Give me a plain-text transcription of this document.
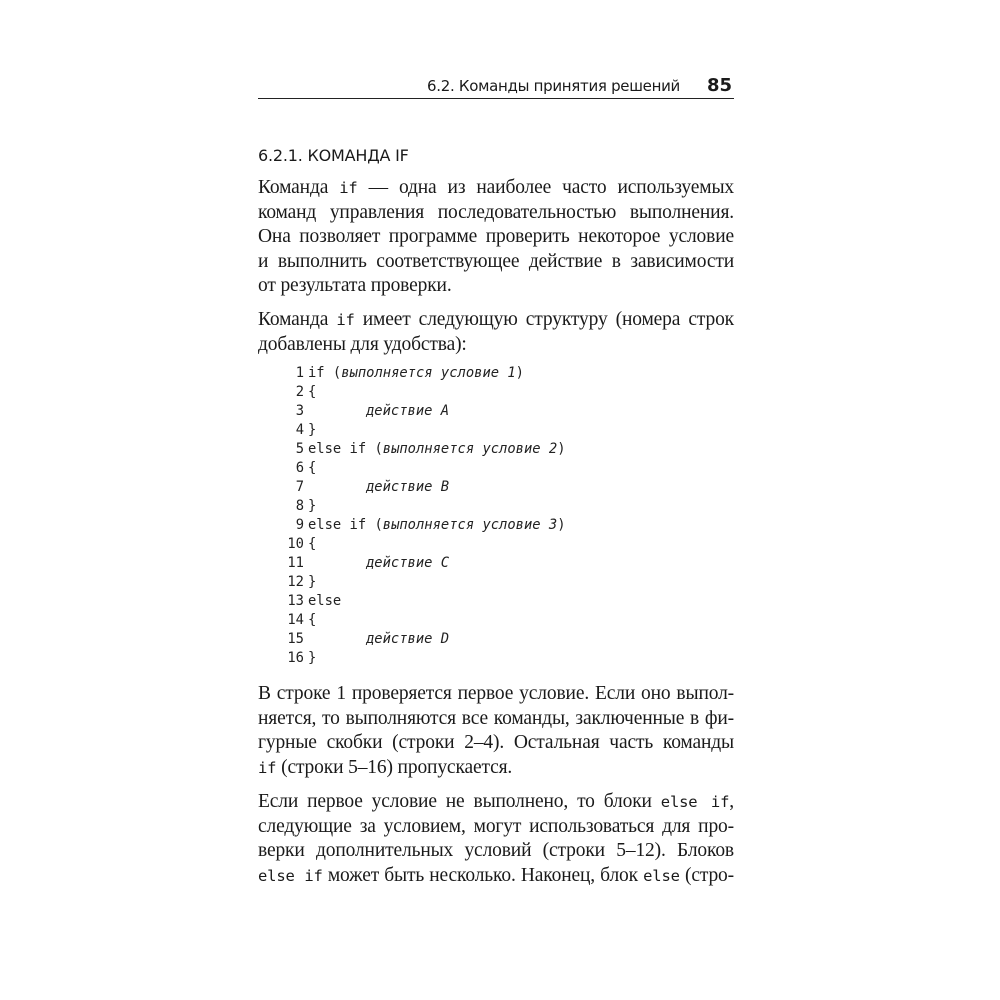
6.2. Команды принятия решений 85
6.2.1. КОМАНДА IF
Команда if — одна из наиболее часто используемых
команд управления последовательностью выполнения.
Она позволяет программе проверить некоторое условие
и выполнить соответствующее действие в зависимости
от результата проверки.
Команда if имеет следующую структуру (номера строк
добавлены для удобства):
1 if (выполняется условие 1)
2 {
3	действие A
4 }
5 else if (выполняется условие 2)
6 {
7	действие B
8 }
9 else if (выполняется условие 3)
10 {
11	действие C
12 }
13 else
14 {
15	действие D
16 }
В строке 1 проверяется первое условие. Если оно выпол-
няется, то выполняются все команды, заключенные в фи-
гурные скобки (строки 2–4). Остальная часть команды
if (строки 5–16) пропускается.
Если первое условие не выполнено, то блоки else if,
следующие за условием, могут использоваться для про-
верки дополнительных условий (строки 5–12). Блоков
else if может быть несколько. Наконец, блок else (стро-
